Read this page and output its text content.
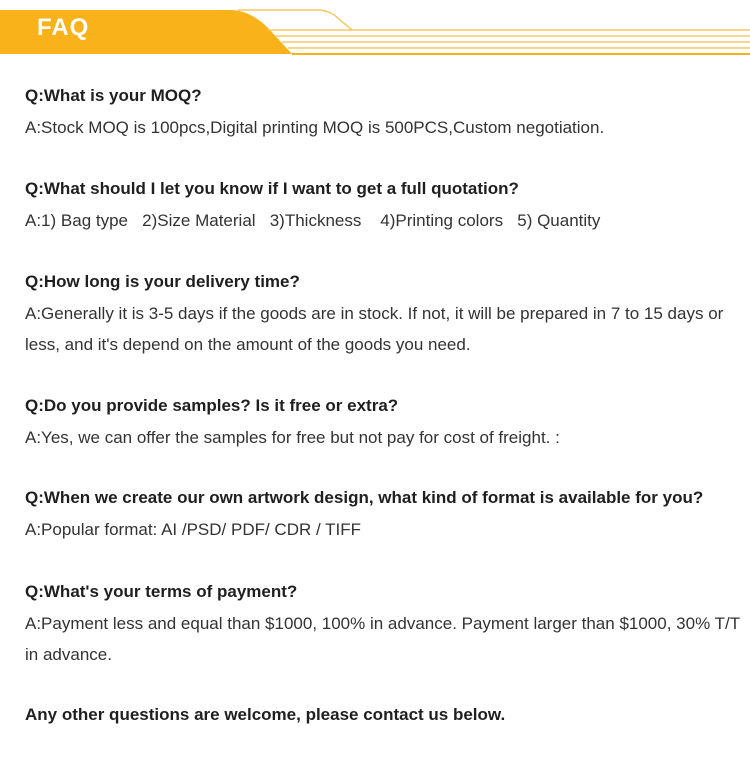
FAQ

Q:What is your MOQ?

A:Stock MOQ is 100pcs,Digital printing MOQ is 500PCS,Custom negotiation.

Q:What should I let you know if I want to get a full quotation?

A:1) Bag type   2)Size Material   3)Thickness    4)Printing colors   5) Quantity

Q:How long is your delivery time?

A:Generally it is 3-5 days if the goods are in stock. If not, it will be prepared in 7 to 15 days or less, and it's depend on the amount of the goods you need.

Q:Do you provide samples? Is it free or extra?

A:Yes, we can offer the samples for free but not pay for cost of freight. :

Q:When we create our own artwork design, what kind of format is available for you?

A:Popular format: AI /PSD/ PDF/ CDR / TIFF

Q:What's your terms of payment?

A:Payment less and equal than $1000, 100% in advance. Payment larger than $1000, 30% T/T in advance.

Any other questions are welcome, please contact us below.
